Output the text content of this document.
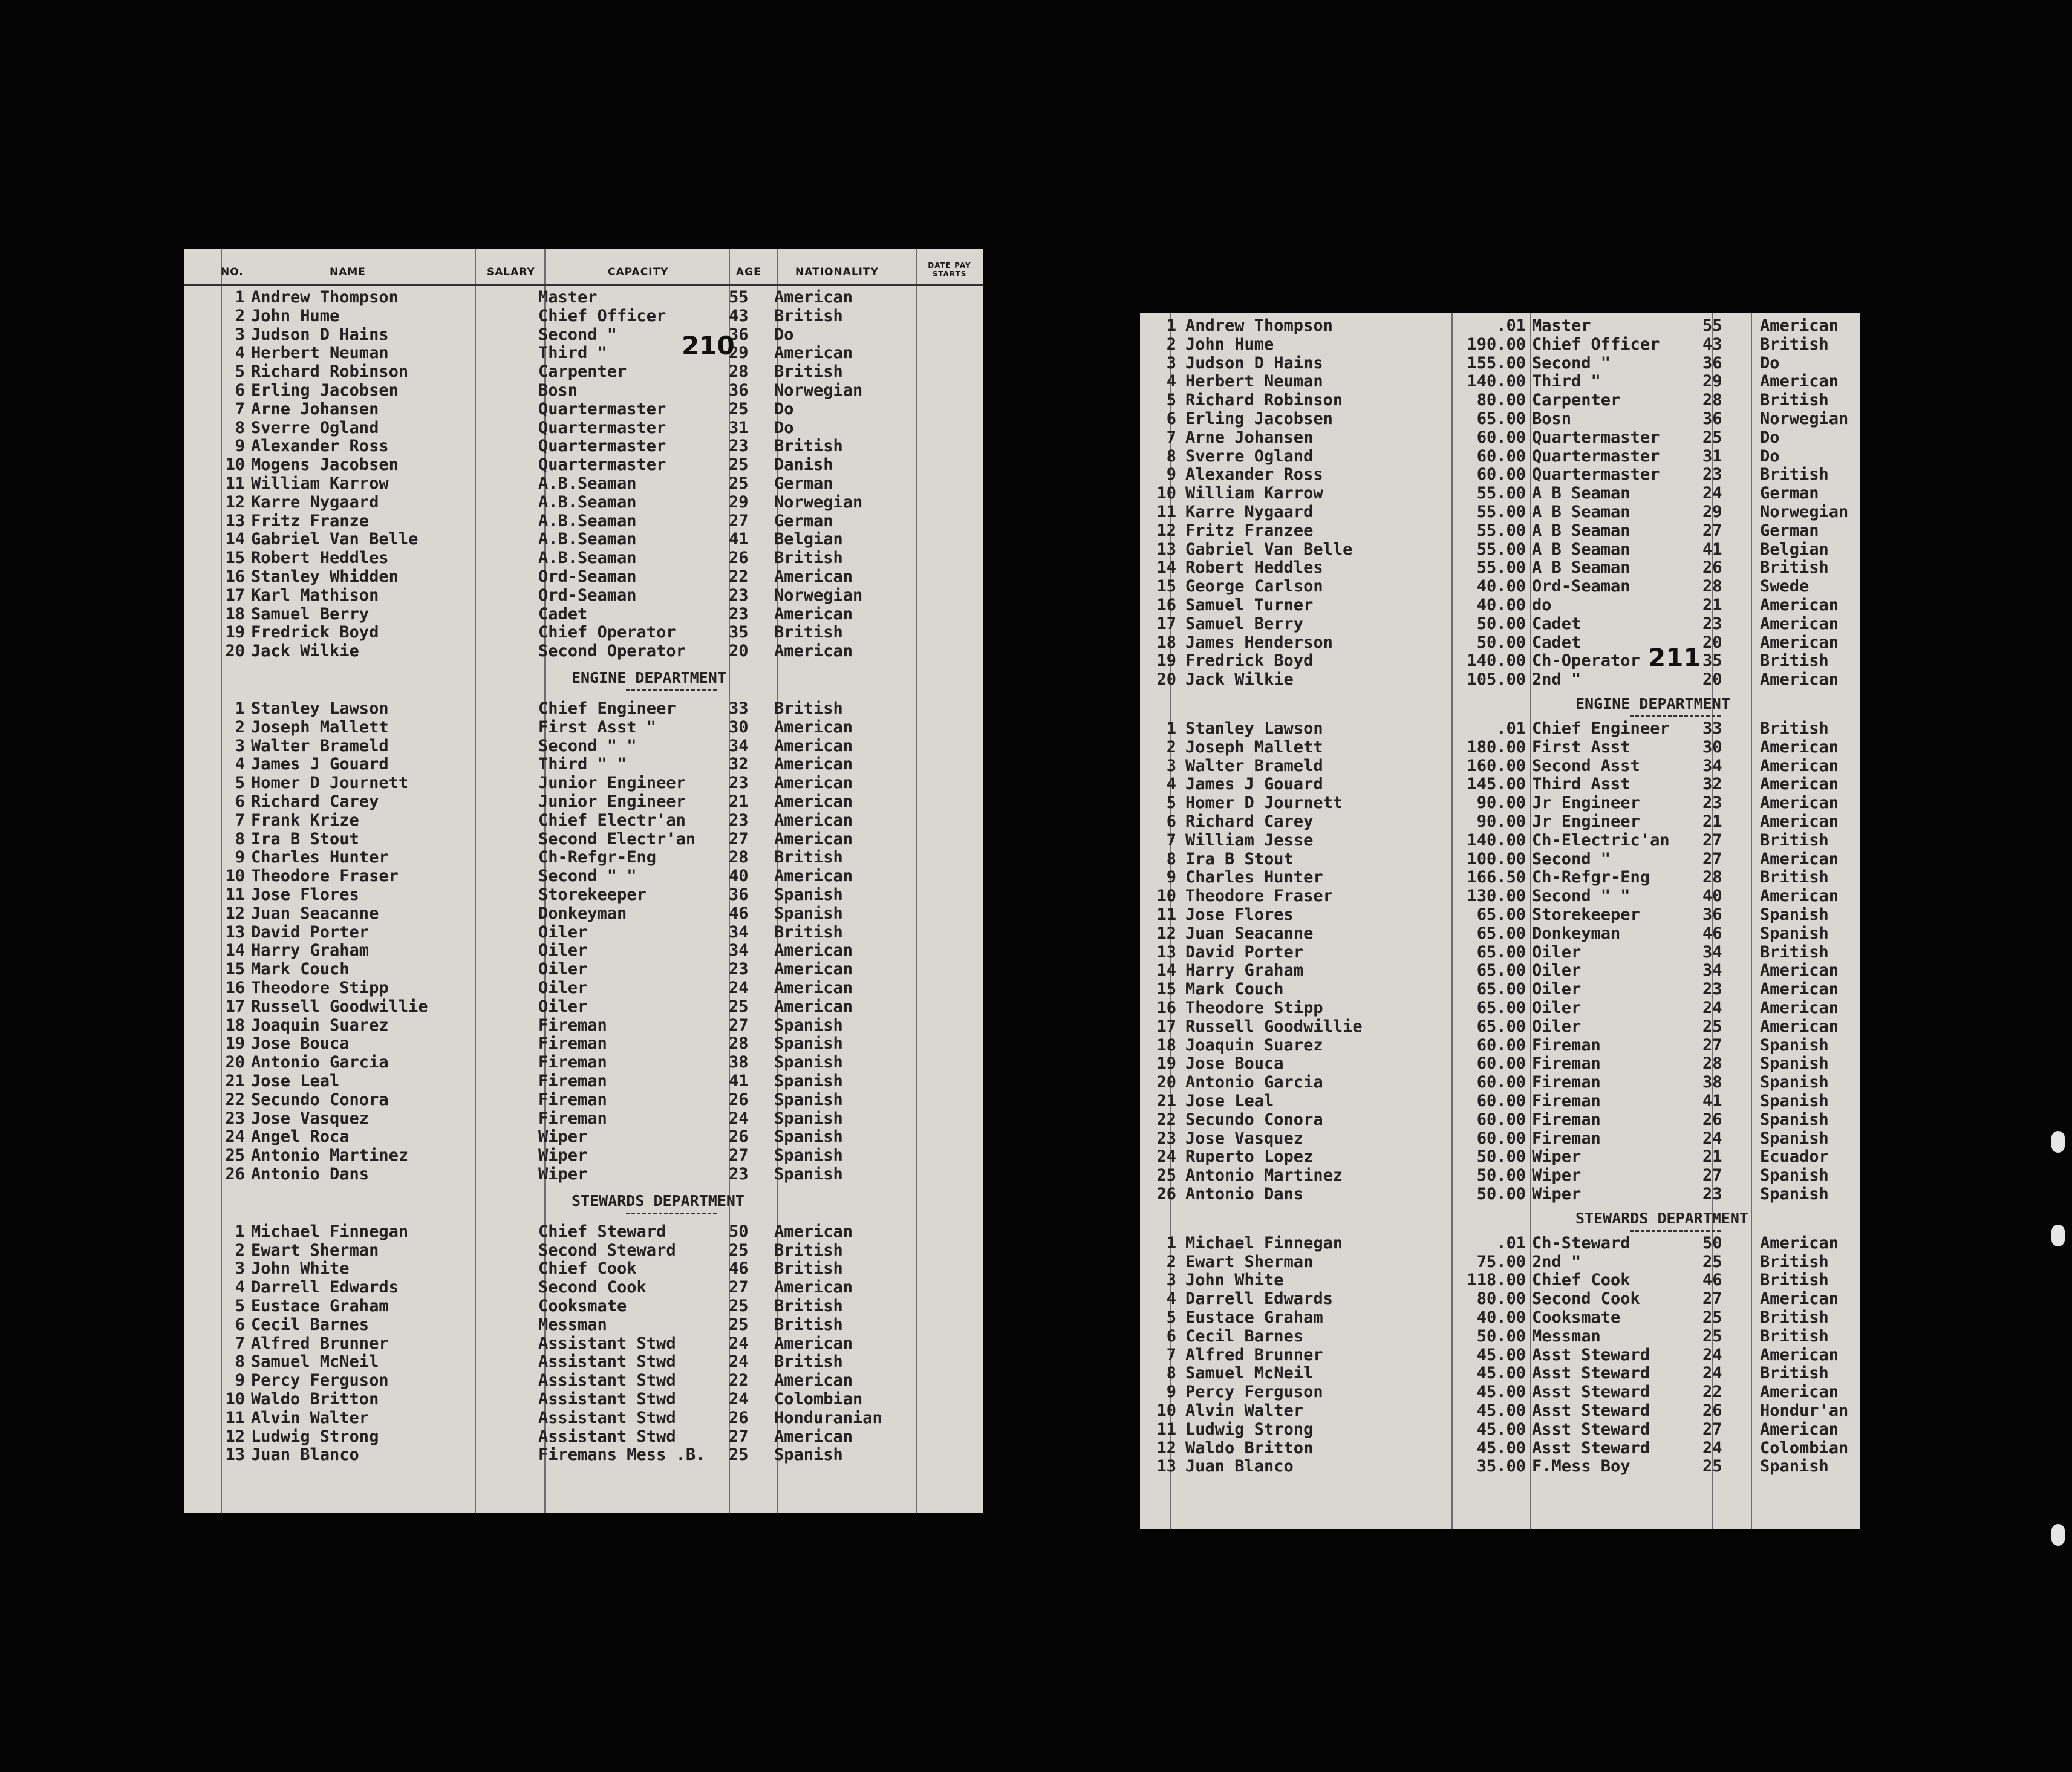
NO.	NAME	SALARY	CAPACITY	AGE	NATIONALITY
DATE PAY STARTS
1 Andrew Thompson	Master	55 American
2 John Hume	Chief Officer	43 British
3 Judson D Hains	Second "	36 Do
4 Herbert Neuman	Third "	29 American
5 Richard Robinson	Carpenter	28 British
6 Erling Jacobsen	Bosn	36 Norwegian
7 Arne Johansen	Quartermaster	25 Do
8 Sverre Ogland	Quartermaster	31 Do
9 Alexander Ross	Quartermaster	23 British
10 Mogens Jacobsen	Quartermaster	25 Danish
11 William Karrow	A.B.Seaman	25 German
12 Karre Nygaard	A.B.Seaman	29 Norwegian
13 Fritz Franze	A.B.Seaman	27 German
14 Gabriel Van Belle	A.B.Seaman	41 Belgian
15 Robert Heddles	A.B.Seaman	26 British
16 Stanley Whidden	Ord-Seaman	22 American
17 Karl Mathison	Ord-Seaman	23 Norwegian
18 Samuel Berry	Cadet	23 American
19 Fredrick Boyd	Chief Operator	35 British
20 Jack Wilkie	Second Operator	20 American
ENGINE DEPARTMENT
1 Stanley Lawson	Chief Engineer	33 British
2 Joseph Mallett	First Asst "	30 American
3 Walter Brameld	Second " "	34 American
4 James J Gouard	Third " "	32 American
5 Homer D Journett	Junior Engineer	23 American
6 Richard Carey	Junior Engineer	21 American
7 Frank Krize	Chief Electr'an	23 American
8 Ira B Stout	Second Electr'an 27 American
9 Charles Hunter	Ch-Refgr-Eng	28 British
10 Theodore Fraser	Second " "	40 American
11 Jose Flores	Storekeeper	36 Spanish
12 Juan Seacanne	Donkeyman	46 Spanish
13 David Porter	Oiler	34 British
14 Harry Graham	Oiler	34 American
15 Mark Couch	Oiler	23 American
16 Theodore Stipp	Oiler	24 American
17 Russell Goodwillie	Oiler	25 American
18 Joaquin Suarez	Fireman	27 Spanish
19 Jose Bouca	Fireman	28 Spanish
20 Antonio Garcia	Fireman	38 Spanish
21 Jose Leal	Fireman	41 Spanish
22 Secundo Conora	Fireman	26 Spanish
23 Jose Vasquez	Fireman	24 Spanish
24 Angel Roca	Wiper	26 Spanish
25 Antonio Martinez	Wiper	27 Spanish
26 Antonio Dans	Wiper	23 Spanish
STEWARDS DEPARTMENT
1 Michael Finnegan	Chief Steward	50 American
2 Ewart Sherman	Second Steward	25 British
3 John White	Chief Cook	46 British
4 Darrell Edwards	Second Cook	27 American
5 Eustace Graham	Cooksmate	25 British
6 Cecil Barnes	Messman	25 British
7 Alfred Brunner	Assistant Stwd	24 American
8 Samuel McNeil	Assistant Stwd	24 British
9 Percy Ferguson	Assistant Stwd	22 American
10 Waldo Britton	Assistant Stwd	24 Colombian
11 Alvin Walter	Assistant Stwd	26 Honduranian
12 Ludwig Strong	Assistant Stwd	27 American
13 Juan Blanco	Firemans Mess .B. 25 Spanish
210
1 Andrew Thompson	.01 Master	55 American
2 John Hume	190.00 Chief Officer	43 British
3 Judson D Hains	155.00 Second "	36 Do
4 Herbert Neuman	140.00 Third "	29 American
5 Richard Robinson	80.00 Carpenter	28 British
6 Erling Jacobsen	65.00 Bosn	36 Norwegian
7 Arne Johansen	60.00 Quartermaster	25 Do
8 Sverre Ogland	60.00 Quartermaster	31 Do
9 Alexander Ross	60.00 Quartermaster	23 British
10 William Karrow	55.00 A B Seaman	24 German
11 Karre Nygaard	55.00 A B Seaman	29 Norwegian
12 Fritz Franzee	55.00 A B Seaman	27 German
13 Gabriel Van Belle	55.00 A B Seaman	41 Belgian
14 Robert Heddles	55.00 A B Seaman	26 British
15 George Carlson	40.00 Ord-Seaman	28 Swede
16 Samuel Turner	40.00 do	21 American
17 Samuel Berry	50.00 Cadet	23 American
18 James Henderson	50.00 Cadet	20 American
19 Fredrick Boyd	140.00 Ch-Operator	35 British
20 Jack Wilkie	105.00 2nd "	20 American
ENGINE DEPARTMENT
1 Stanley Lawson	.01 Chief Engineer 33 British
2 Joseph Mallett	180.00 First Asst	30 American
3 Walter Brameld	160.00 Second Asst	34 American
4 James J Gouard	145.00 Third Asst	32 American
5 Homer D Journett	90.00 Jr Engineer	23 American
6 Richard Carey	90.00 Jr Engineer	21 American
7 William Jesse	140.00 Ch-Electric'an 27 British
8 Ira B Stout	100.00 Second "	27 American
9 Charles Hunter	166.50 Ch-Refgr-Eng	28 British
10 Theodore Fraser	130.00 Second " "	40 American
11 Jose Flores	65.00 Storekeeper	36 Spanish
12 Juan Seacanne	65.00 Donkeyman	46 Spanish
13 David Porter	65.00 Oiler	34 British
14 Harry Graham	65.00 Oiler	34 American
15 Mark Couch	65.00 Oiler	23 American
16 Theodore Stipp	65.00 Oiler	24 American
17 Russell Goodwillie	65.00 Oiler	25 American
18 Joaquin Suarez	60.00 Fireman	27 Spanish
19 Jose Bouca	60.00 Fireman	28 Spanish
20 Antonio Garcia	60.00 Fireman	38 Spanish
21 Jose Leal	60.00 Fireman	41 Spanish
22 Secundo Conora	60.00 Fireman	26 Spanish
23 Jose Vasquez	60.00 Fireman	24 Spanish
24 Ruperto Lopez	50.00 Wiper	21 Ecuador
25 Antonio Martinez	50.00 Wiper	27 Spanish
26 Antonio Dans	50.00 Wiper	23 Spanish
STEWARDS DEPARTMENT
1 Michael Finnegan	.01 Ch-Steward	50 American
2 Ewart Sherman	75.00 2nd "	25 British
3 John White	118.00 Chief Cook	46 British
4 Darrell Edwards	80.00 Second Cook	27 American
5 Eustace Graham	40.00 Cooksmate	25 British
6 Cecil Barnes	50.00 Messman	25 British
7 Alfred Brunner	45.00 Asst Steward	24 American
8 Samuel McNeil	45.00 Asst Steward	24 British
9 Percy Ferguson	45.00 Asst Steward	22 American
10 Alvin Walter	45.00 Asst Steward	26 Hondur'an
11 Ludwig Strong	45.00 Asst Steward	27 American
12 Waldo Britton	45.00 Asst Steward	24 Colombian
13 Juan Blanco	35.00 F.Mess Boy	25 Spanish
211
